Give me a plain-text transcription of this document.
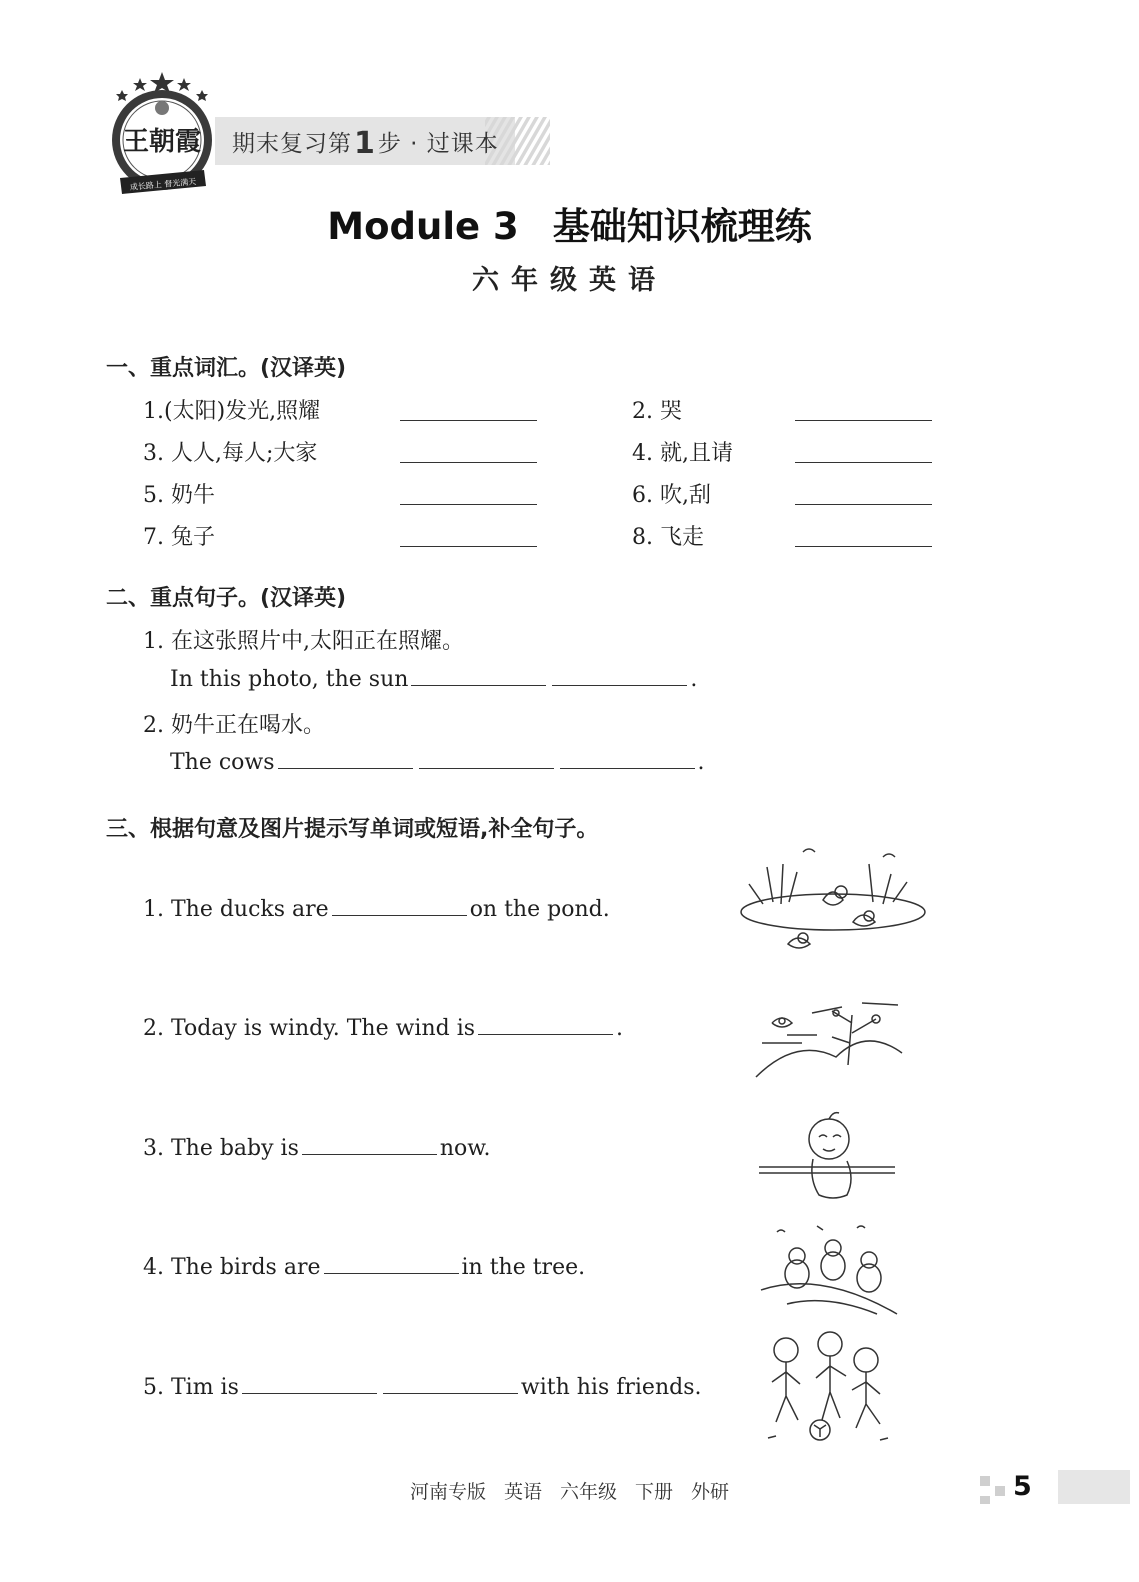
王朝霞
成长路上 督光满天
期末复习第1步 · 过课本
Module 3 基础知识梳理练
六年级英语
一、重点词汇。(汉译英)
1.(太阳)发光,照耀	2. 哭
3. 人人,每人;大家	4. 就,且请
5. 奶牛	6. 吹,刮
7. 兔子	8. 飞走
二、重点句子。(汉译英)
1. 在这张照片中,太阳正在照耀。
In this photo, the sun	.
2. 奶牛正在喝水。
The cows	.
三、根据句意及图片提示写单词或短语,补全句子。
1. The ducks are	on the pond.
2. Today is windy. The wind is	.
3. The baby is	now.
4. The birds are	in the tree.
5. Tim is	with his friends.
河南专版 英语 六年级 下册 外研	5
